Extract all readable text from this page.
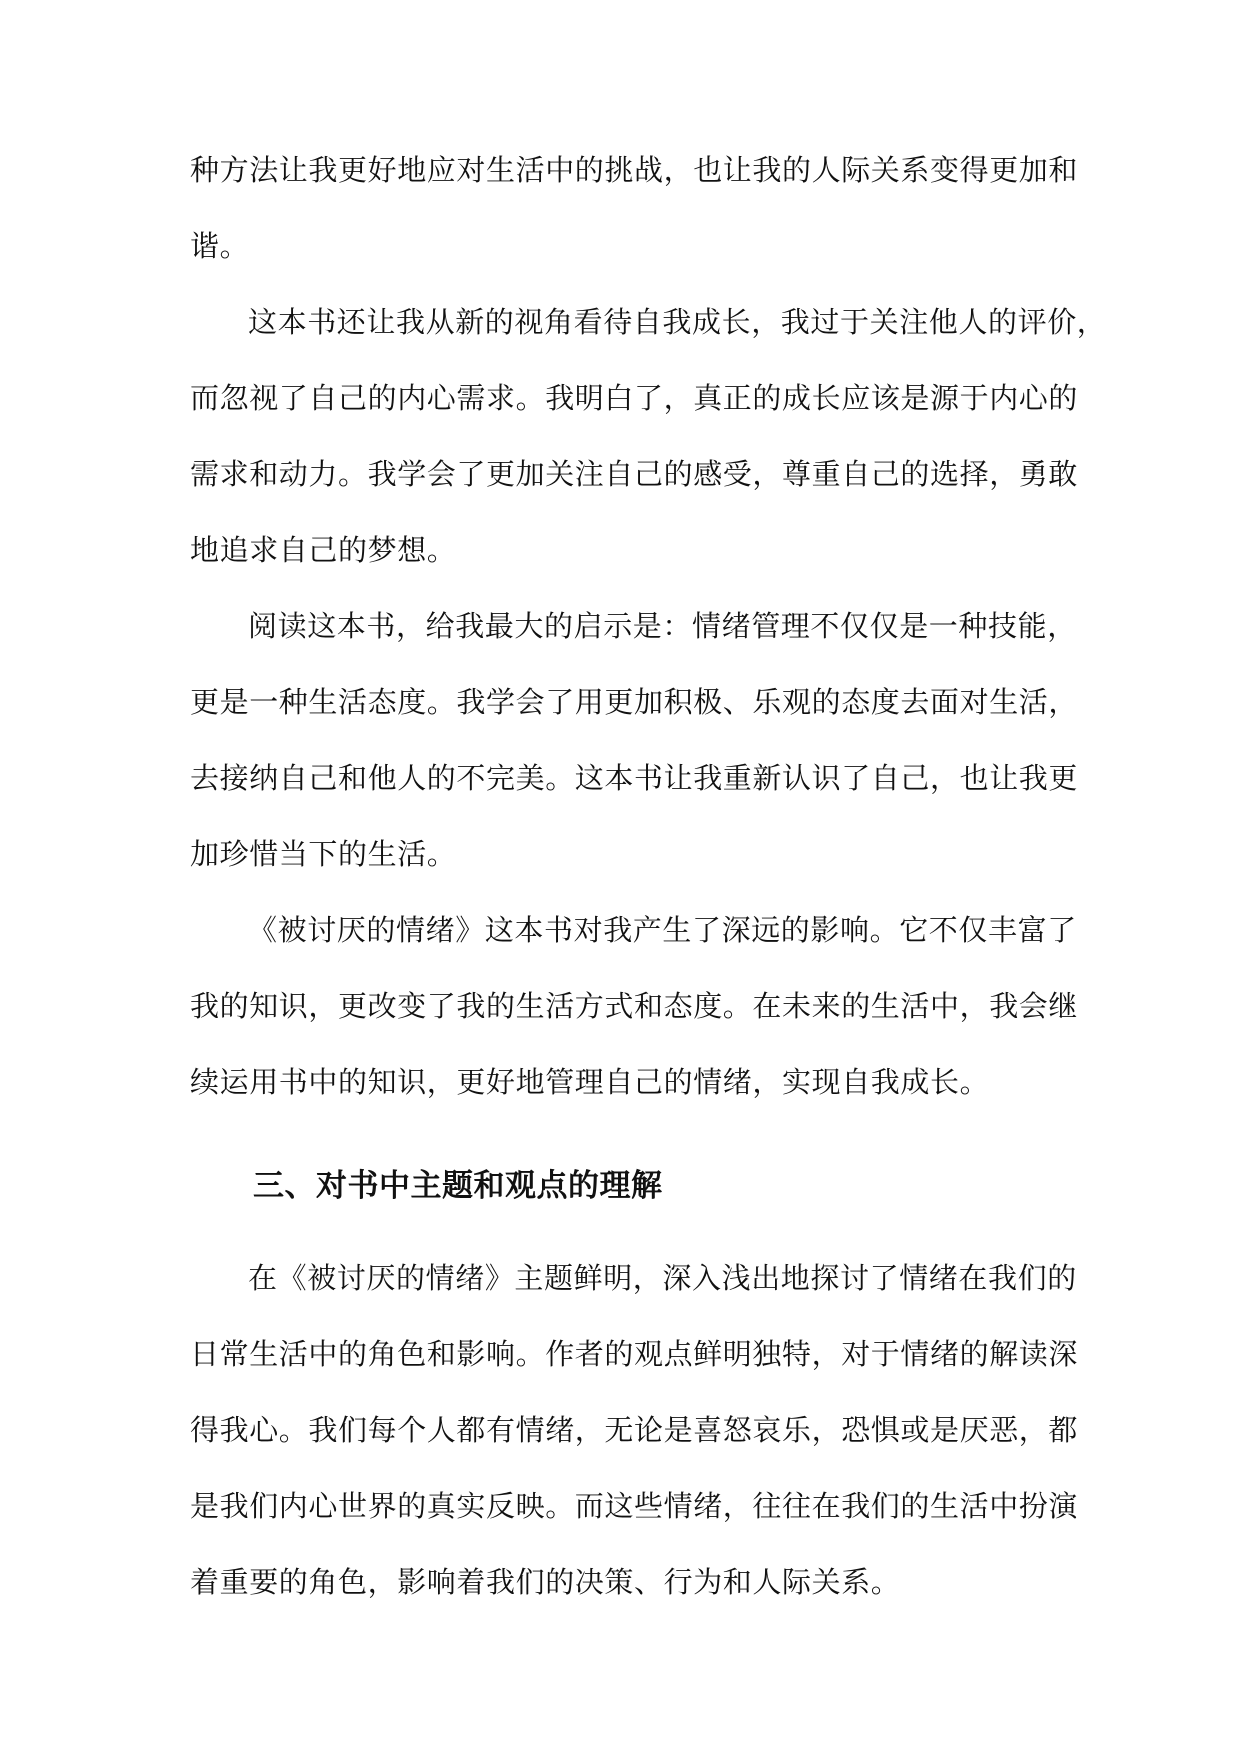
种方法让我更好地应对生活中的挑战，也让我的人际关系变得更加和
谐。
这本书还让我从新的视角看待自我成长，我过于关注他人的评价，
而忽视了自己的内心需求。我明白了，真正的成长应该是源于内心的
需求和动力。我学会了更加关注自己的感受，尊重自己的选择，勇敢
地追求自己的梦想。
阅读这本书，给我最大的启示是：情绪管理不仅仅是一种技能，
更是一种生活态度。我学会了用更加积极、乐观的态度去面对生活，
去接纳自己和他人的不完美。这本书让我重新认识了自己，也让我更
加珍惜当下的生活。
《被讨厌的情绪》这本书对我产生了深远的影响。它不仅丰富了
我的知识，更改变了我的生活方式和态度。在未来的生活中，我会继
续运用书中的知识，更好地管理自己的情绪，实现自我成长。
三、对书中主题和观点的理解
在《被讨厌的情绪》主题鲜明，深入浅出地探讨了情绪在我们的
日常生活中的角色和影响。作者的观点鲜明独特，对于情绪的解读深
得我心。我们每个人都有情绪，无论是喜怒哀乐，恐惧或是厌恶，都
是我们内心世界的真实反映。而这些情绪，往往在我们的生活中扮演
着重要的角色，影响着我们的决策、行为和人际关系。
